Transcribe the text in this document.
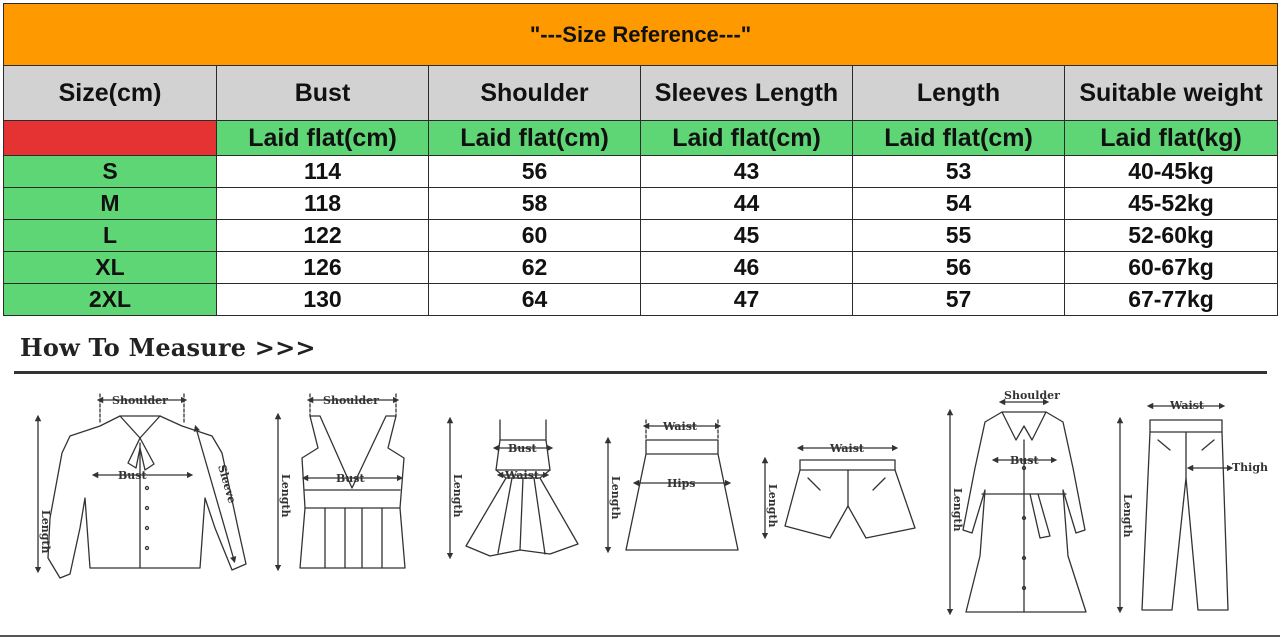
"---Size Reference---"					
Size(cm)	Bust	Shoulder	Sleeves Length	Length	Suitable weight
	Laid flat(cm)	Laid flat(cm)	Laid flat(cm)	Laid flat(cm)	Laid flat(kg)
S	114	56	43	53	40-45kg
M	118	58	44	54	45-52kg
L	122	60	45	55	52-60kg
XL	126	62	46	56	60-67kg
2XL	130	64	47	57	67-77kg
How To Measure >>>
Shoulder
Bust
Length
Sleeve
Shoulder
Bust
Length
Bust
Waist
Length
Waist
Hips
Length
Waist
Length
Shoulder
Bust
Length
Waist
Thigh
Length
